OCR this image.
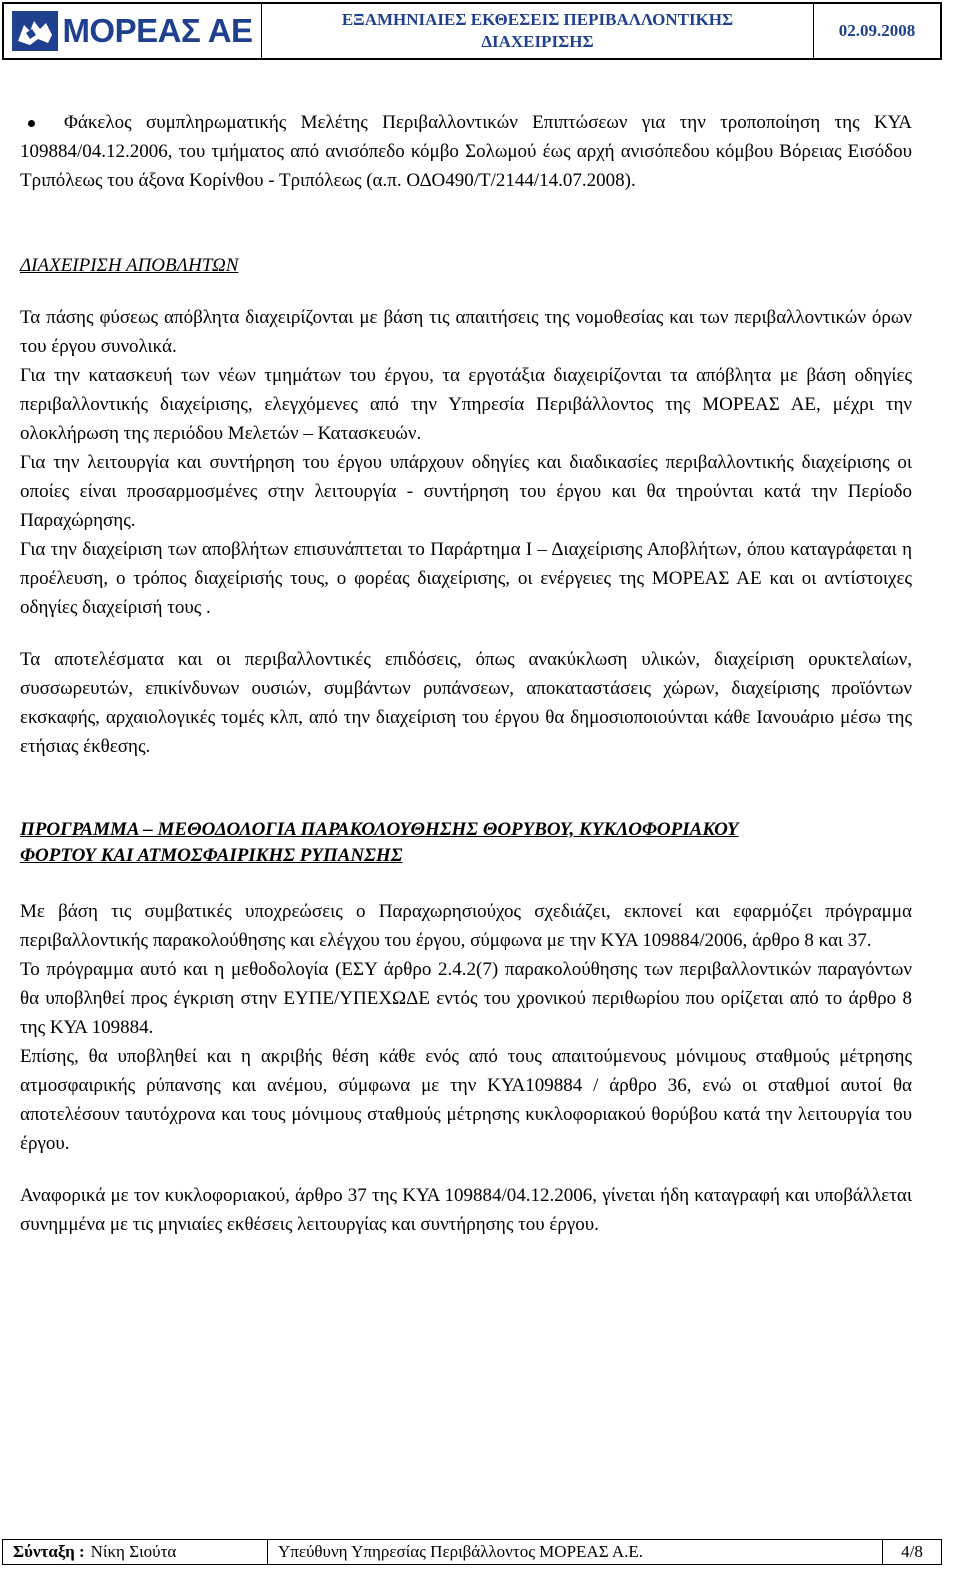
ΜΟΡΕΑΣ ΑΕ	ΕΞΑΜΗΝΙΑΙΕΣ ΕΚΘΕΣΕΙΣ ΠΕΡΙΒΑΛΛΟΝΤΙΚΗΣ
ΔΙΑΧΕΙΡΙΣΗΣ
02.09.2008

Φάκελος συμπληρωματικής Μελέτης Περιβαλλοντικών Επιπτώσεων για την τροποποίηση της ΚΥΑ 109884/04.12.2006, του τμήματος από ανισόπεδο κόμβο Σολωμού έως αρχή ανισόπεδου κόμβου Βόρειας Εισόδου Τριπόλεως του άξονα Κορίνθου - Τριπόλεως (α.π. ΟΔΟ490/Τ/2144/14.07.2008).

ΔΙΑΧΕΙΡΙΣΗ ΑΠΟΒΛΗΤΩΝ

Τα πάσης φύσεως απόβλητα διαχειρίζονται με βάση τις απαιτήσεις της νομοθεσίας και των περιβαλλοντικών όρων του έργου συνολικά.

Για την κατασκευή των νέων τμημάτων του έργου, τα εργοτάξια διαχειρίζονται τα απόβλητα με βάση οδηγίες περιβαλλοντικής διαχείρισης, ελεγχόμενες από την Υπηρεσία Περιβάλλοντος της ΜΟΡΕΑΣ ΑΕ, μέχρι την ολοκλήρωση της περιόδου Μελετών – Κατασκευών.

Για την λειτουργία και συντήρηση του έργου υπάρχουν οδηγίες και διαδικασίες περιβαλλοντικής διαχείρισης οι οποίες είναι προσαρμοσμένες στην λειτουργία - συντήρηση του έργου και θα τηρούνται κατά την Περίοδο Παραχώρησης.

Για την διαχείριση των αποβλήτων επισυνάπτεται το Παράρτημα Ι – Διαχείρισης Αποβλήτων, όπου καταγράφεται η προέλευση, ο τρόπος διαχείρισής τους, ο φορέας διαχείρισης, οι ενέργειες της ΜΟΡΕΑΣ ΑΕ και οι αντίστοιχες οδηγίες διαχείρισή τους .

Τα αποτελέσματα και οι περιβαλλοντικές επιδόσεις, όπως ανακύκλωση υλικών, διαχείριση ορυκτελαίων, συσσωρευτών, επικίνδυνων ουσιών, συμβάντων ρυπάνσεων, αποκαταστάσεις χώρων, διαχείρισης προϊόντων εκσκαφής, αρχαιολογικές τομές κλπ, από την διαχείριση του έργου θα δημοσιοποιούνται κάθε Ιανουάριο μέσω της ετήσιας έκθεσης.

ΠΡΟΓΡΑΜΜΑ – ΜΕΘΟΔΟΛΟΓΙΑ ΠΑΡΑΚΟΛΟΥΘΗΣΗΣ ΘΟΡΥΒΟΥ, ΚΥΚΛΟΦΟΡΙΑΚΟΥ
ΦΟΡΤΟΥ ΚΑΙ ΑΤΜΟΣΦΑΙΡΙΚΗΣ ΡΥΠΑΝΣΗΣ

Με βάση τις συμβατικές υποχρεώσεις ο Παραχωρησιούχος σχεδιάζει, εκπονεί και εφαρμόζει πρόγραμμα περιβαλλοντικής παρακολούθησης και ελέγχου του έργου, σύμφωνα με την ΚΥΑ 109884/2006, άρθρο 8 και 37.

Το πρόγραμμα αυτό και η μεθοδολογία (ΕΣΥ άρθρο 2.4.2(7) παρακολούθησης των περιβαλλοντικών παραγόντων θα υποβληθεί προς έγκριση στην ΕΥΠΕ/ΥΠΕΧΩΔΕ εντός του χρονικού περιθωρίου που ορίζεται από το άρθρο 8 της ΚΥΑ 109884.

Επίσης, θα υποβληθεί και η ακριβής θέση κάθε ενός από τους απαιτούμενους μόνιμους σταθμούς μέτρησης ατμοσφαιρικής ρύπανσης και ανέμου, σύμφωνα με την ΚΥΑ109884 / άρθρο 36, ενώ οι σταθμοί αυτοί θα αποτελέσουν ταυτόχρονα και τους μόνιμους σταθμούς μέτρησης κυκλοφοριακού θορύβου κατά την λειτουργία του έργου.

Αναφορικά με τον κυκλοφοριακού, άρθρο 37 της ΚΥΑ 109884/04.12.2006, γίνεται ήδη καταγραφή και υποβάλλεται συνημμένα με τις μηνιαίες εκθέσεις λειτουργίας και συντήρησης του έργου.

Σύνταξη : Νίκη Σιούτα	Υπεύθυνη Υπηρεσίας Περιβάλλοντος ΜΟΡΕΑΣ Α.Ε.	4/8
